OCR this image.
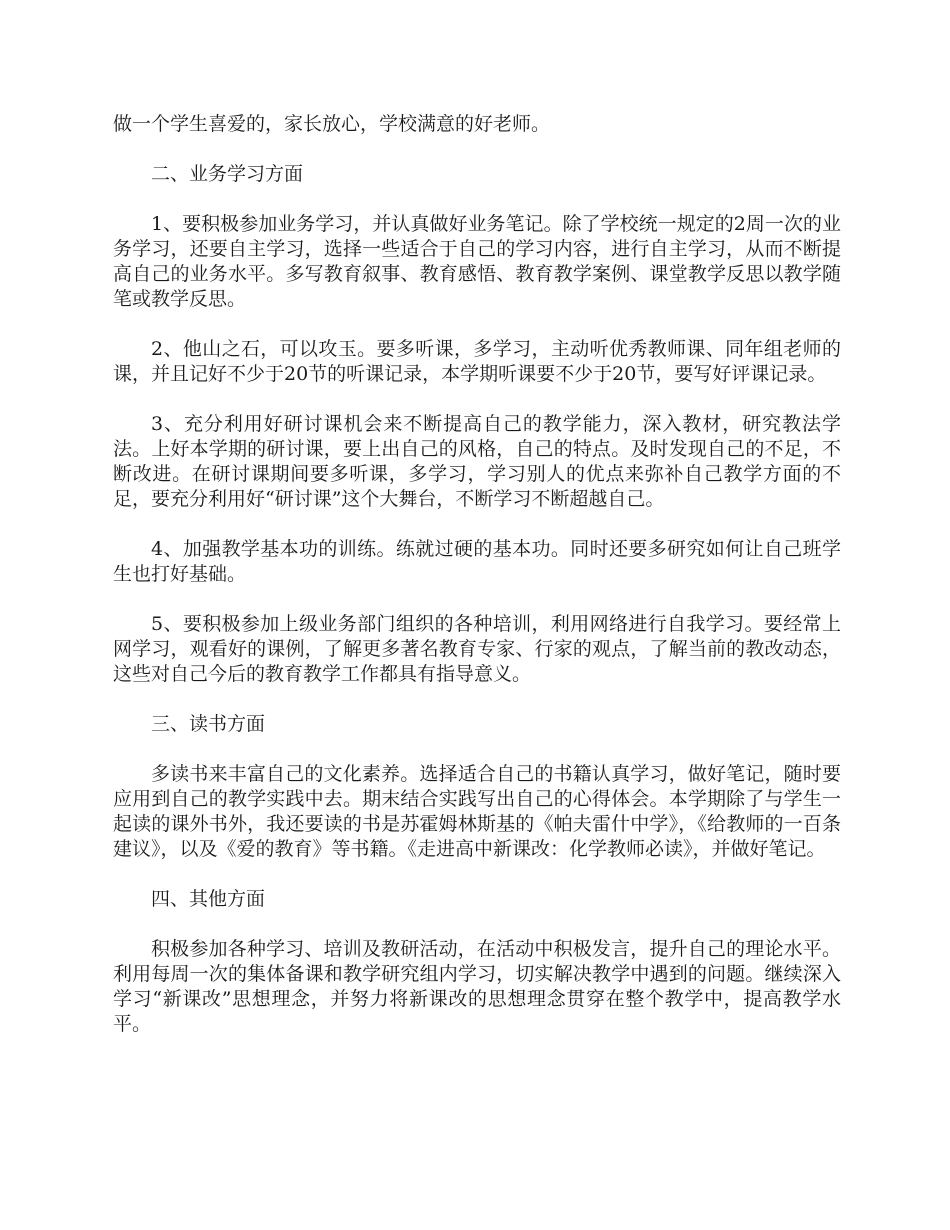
做一个学生喜爱的，家长放心，学校满意的好老师。

二、业务学习方面

1、要积极参加业务学习，并认真做好业务笔记。除了学校统一规定的2周一次的业务学习，还要自主学习，选择一些适合于自己的学习内容，进行自主学习，从而不断提高自己的业务水平。多写教育叙事、教育感悟、教育教学案例、课堂教学反思以教学随笔或教学反思。

2、他山之石，可以攻玉。要多听课，多学习，主动听优秀教师课、同年组老师的课，并且记好不少于20节的听课记录，本学期听课要不少于20节，要写好评课记录。

3、充分利用好研讨课机会来不断提高自己的教学能力，深入教材，研究教法学法。上好本学期的研讨课，要上出自己的风格，自己的特点。及时发现自己的不足，不断改进。在研讨课期间要多听课，多学习，学习别人的优点来弥补自己教学方面的不足，要充分利用好“研讨课”这个大舞台，不断学习不断超越自己。

4、加强教学基本功的训练。练就过硬的基本功。同时还要多研究如何让自己班学生也打好基础。

5、要积极参加上级业务部门组织的各种培训，利用网络进行自我学习。要经常上网学习，观看好的课例，了解更多著名教育专家、行家的观点，了解当前的教改动态，这些对自己今后的教育教学工作都具有指导意义。

三、读书方面

多读书来丰富自己的文化素养。选择适合自己的书籍认真学习，做好笔记，随时要应用到自己的教学实践中去。期末结合实践写出自己的心得体会。本学期除了与学生一起读的课外书外，我还要读的书是苏霍姆林斯基的《帕夫雷什中学》，《给教师的一百条建议》，以及《爱的教育》等书籍。《走进高中新课改：化学教师必读》，并做好笔记。

四、其他方面

积极参加各种学习、培训及教研活动，在活动中积极发言，提升自己的理论水平。利用每周一次的集体备课和教学研究组内学习，切实解决教学中遇到的问题。继续深入学习“新课改”思想理念，并努力将新课改的思想理念贯穿在整个教学中，提高教学水平。
